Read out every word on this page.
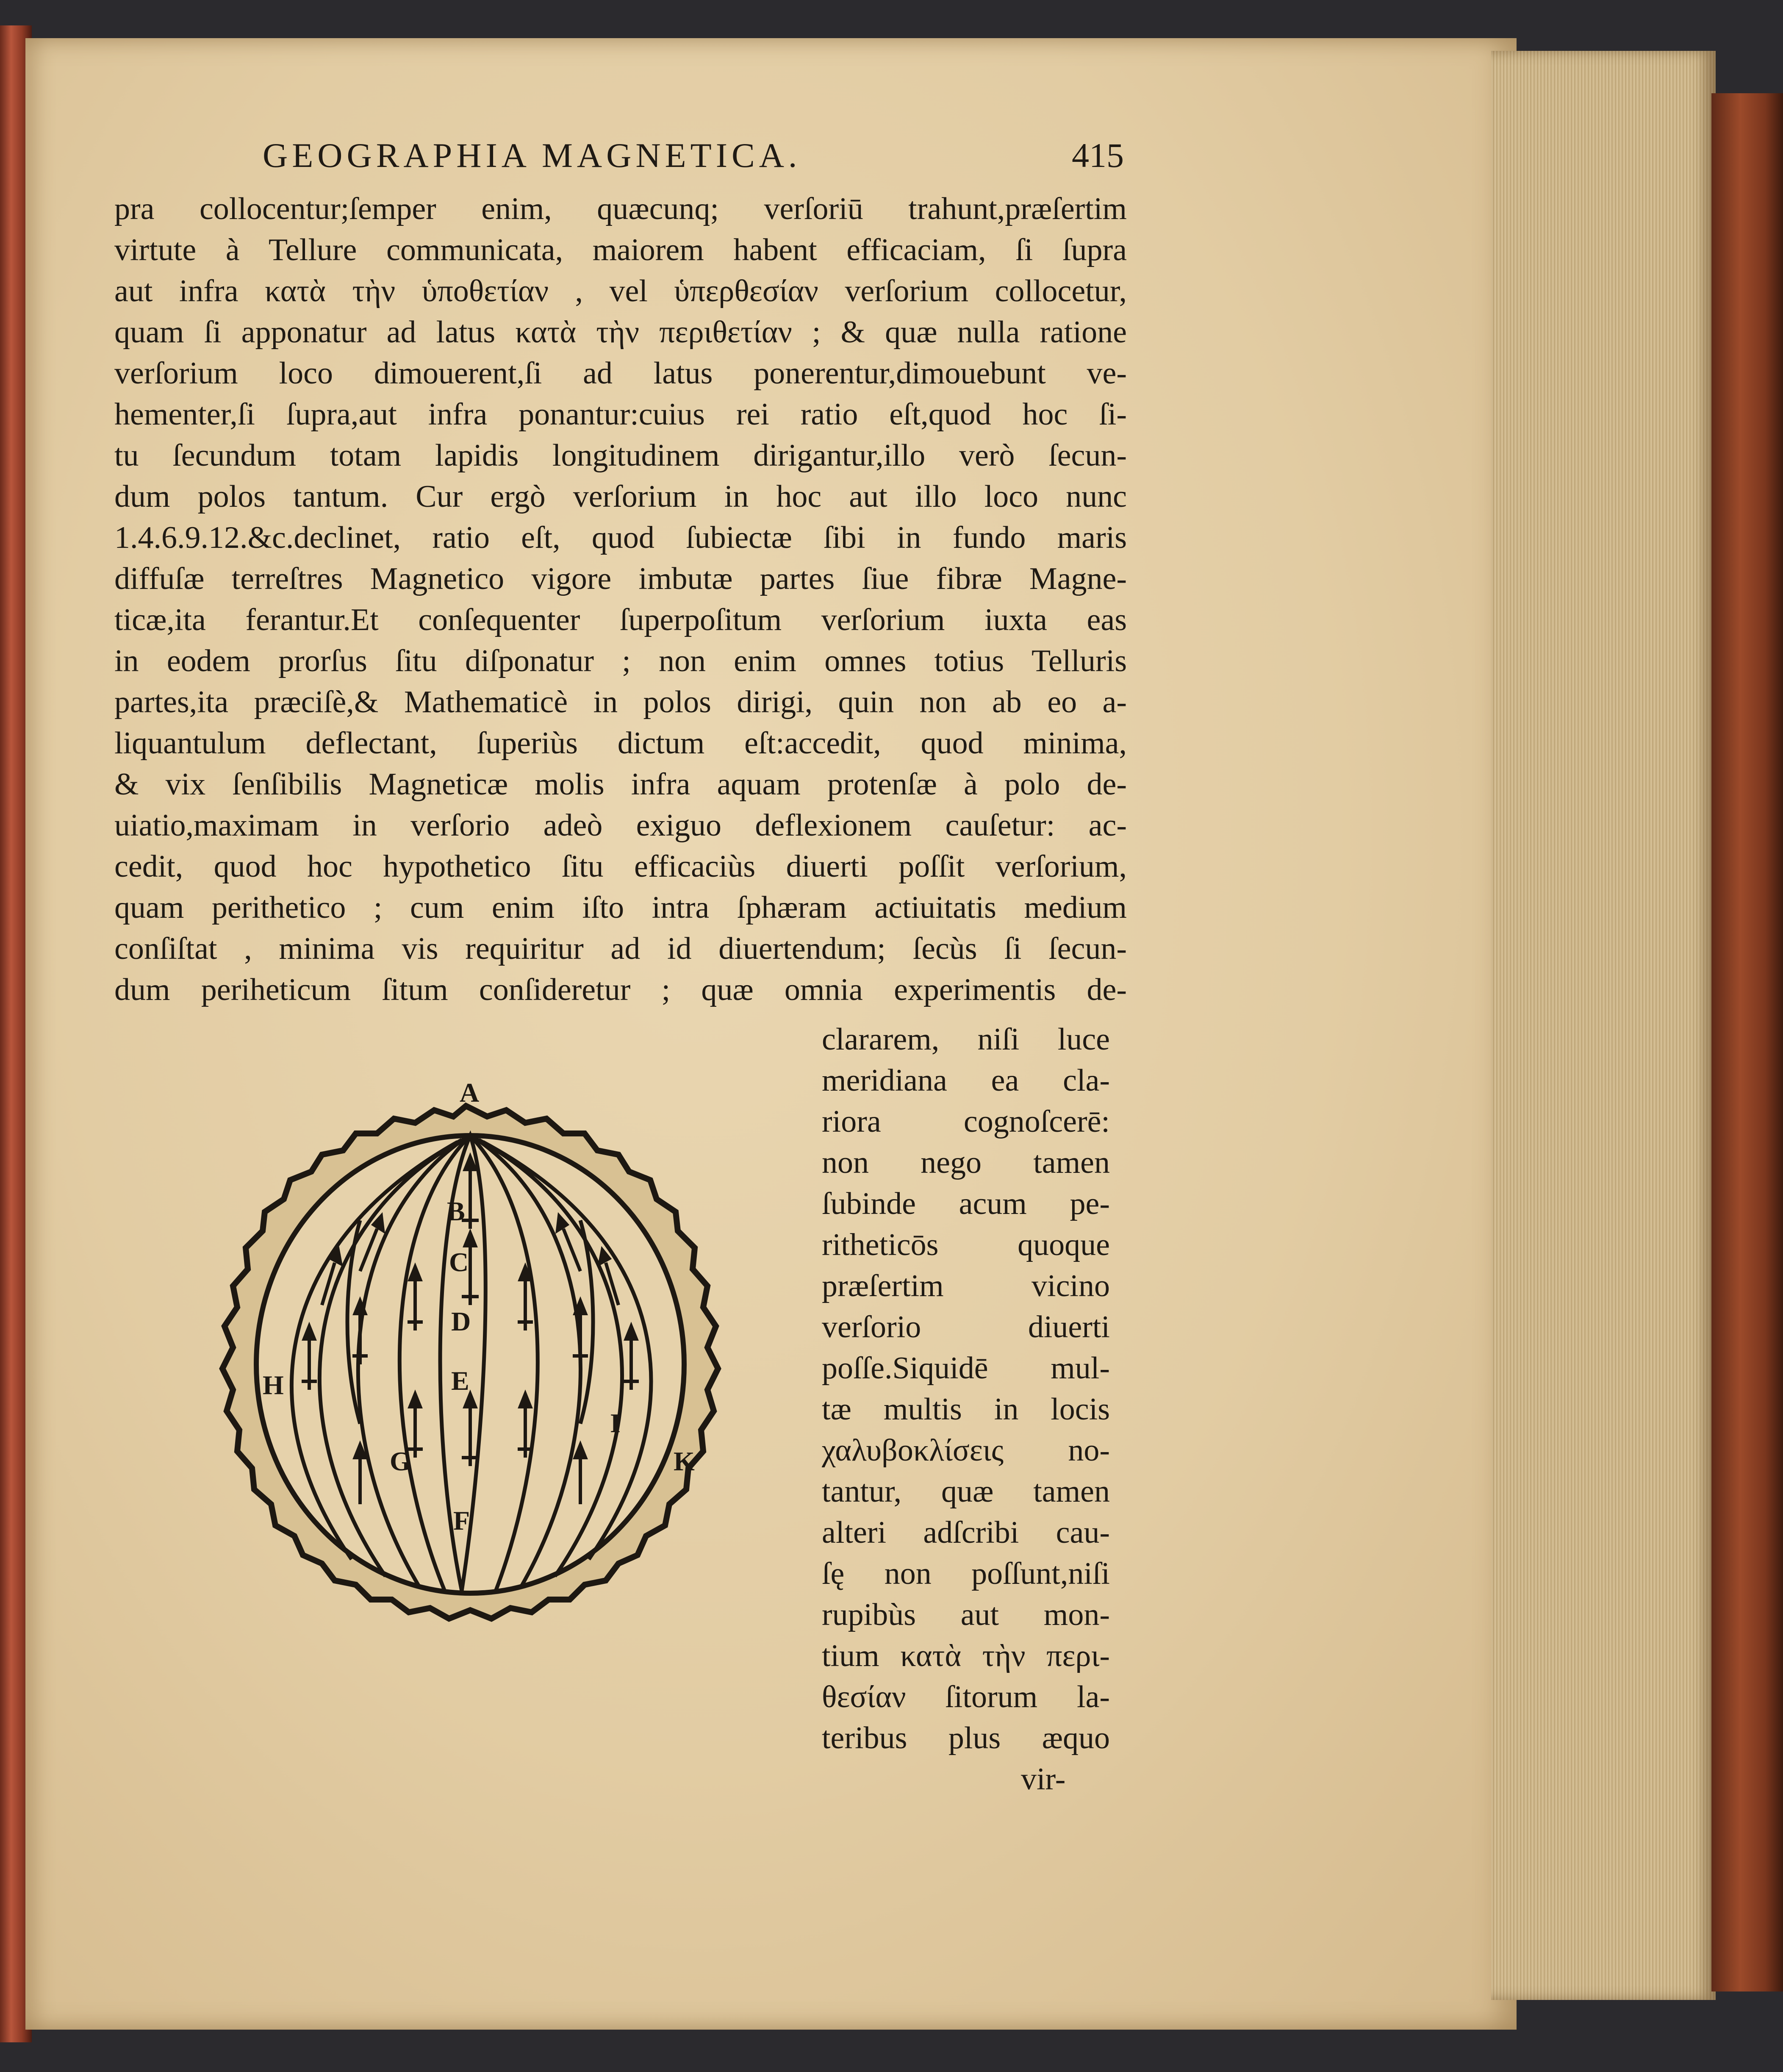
GEOGRAPHIA MAGNETICA.	415
pra collocentur;ſemper enim, quæcunq; verſoriū trahunt,præſertim
virtute à Tellure communicata, maiorem habent efficaciam, ſi ſupra
aut infra κατὰ τὴν ὑποθετίαν , vel ὑπερθεσίαν verſorium collocetur,
quam ſi apponatur ad latus κατὰ τὴν περιθετίαν ; & quæ nulla ratione
verſorium loco dimouerent,ſi ad latus ponerentur,dimouebunt ve-
hementer,ſi ſupra,aut infra ponantur:cuius rei ratio eſt,quod hoc ſi-
tu ſecundum totam lapidis longitudinem dirigantur,illo verò ſecun-
dum polos tantum. Cur ergò verſorium in hoc aut illo loco nunc
1.4.6.9.12.&c.declinet, ratio eſt, quod ſubiectæ ſibi in fundo maris
diffuſæ terreſtres Magnetico vigore imbutæ partes ſiue fibræ Magne-
ticæ,ita ferantur.Et conſequenter ſuperpoſitum verſorium iuxta eas
in eodem prorſus ſitu diſponatur ; non enim omnes totius Telluris
partes,ita præciſè,& Mathematicè in polos dirigi, quin non ab eo a-
liquantulum deflectant, ſuperiùs dictum eſt:accedit, quod minima,
& vix ſenſibilis Magneticæ molis infra aquam protenſæ à polo de-
uiatio,maximam in verſorio adeò exiguo deflexionem cauſetur: ac-
cedit, quod hoc hypothetico ſitu efficaciùs diuerti poſſit verſorium,
quam perithetico ; cum enim iſto intra ſphæram actiuitatis medium
conſiſtat , minima vis requiritur ad id diuertendum; ſecùs ſi ſecun-
dum periheticum ſitum conſideretur ; quæ omnia experimentis de-
clararem, niſi luce
meridiana ea cla-
riora cognoſcerē:
non nego tamen
ſubinde acum pe-
ritheticōs quoque
præſertim vicino
verſorio diuerti
poſſe.Siquidē mul-
tæ multis in locis
χαλυβοκλίσεις no-
tantur, quæ tamen
alteri adſcribi cau-
ſę non poſſunt,niſi
rupibùs aut mon-
tium κατὰ τὴν περι-
θεσίαν ſitorum la-
teribus plus æquo
vir-
A
B
C
D
E
F
G
H
I
K
